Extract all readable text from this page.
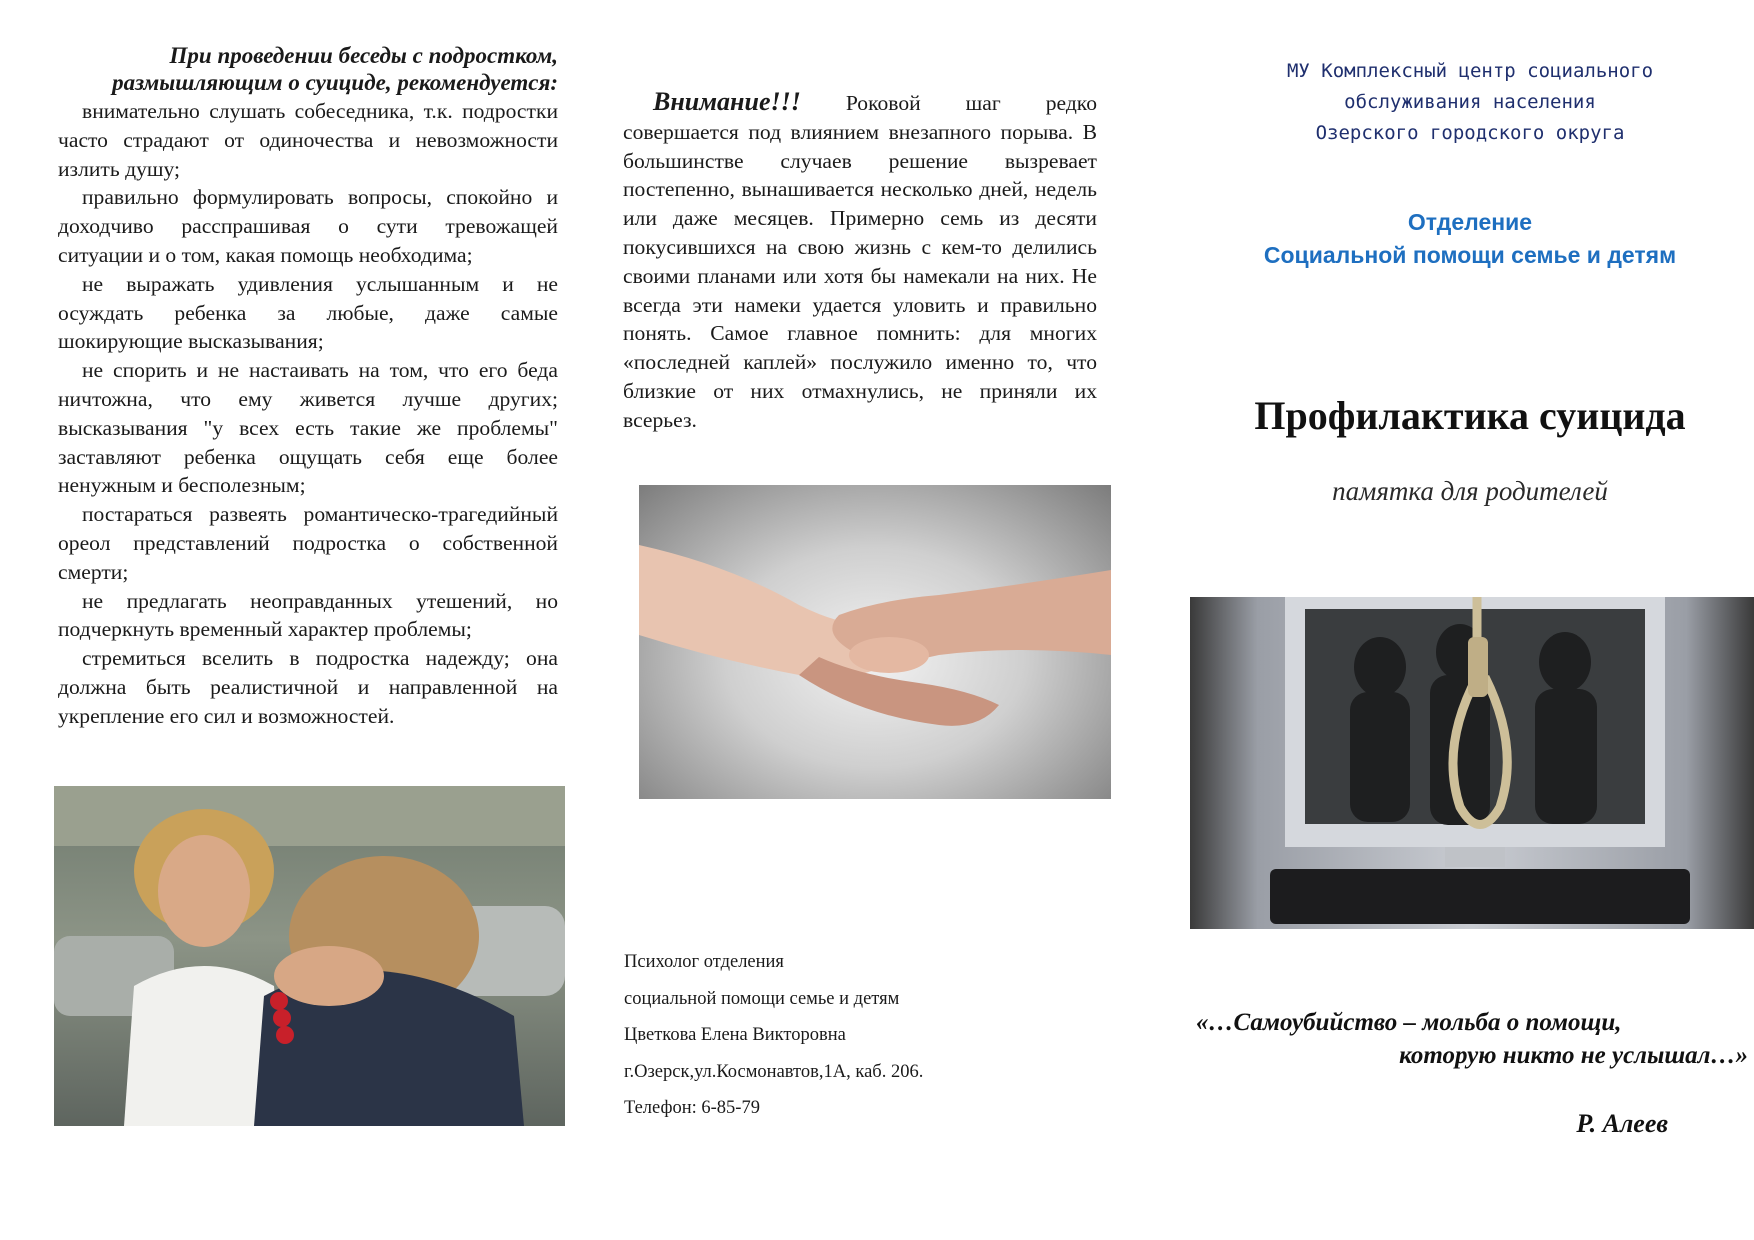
При проведении беседы с подростком,
размышляющим о суициде, рекомендуется:
внимательно слушать собеседника, т.к. подростки часто страдают от одиночества и невозможности излить душу;
правильно формулировать вопросы, спокойно и доходчиво расспрашивая о сути тревожащей ситуации и о том, какая помощь необходима;
не выражать удивления услышанным и не осуждать ребенка за любые, даже самые шокирующие высказывания;
не спорить и не настаивать на том, что его беда ничтожна, что ему живется лучше других; высказывания "у всех есть такие же проблемы" заставляют ребенка ощущать себя еще более ненужным и бесполезным;
постараться развеять романтическо-трагедийный ореол представлений подростка о собственной смерти;
не предлагать неоправданных утешений, но подчеркнуть временный характер проблемы;
стремиться вселить в подростка надежду; она должна быть реалистичной и направленной на укрепление его сил и возможностей.

Внимание!!! Роковой шаг редко совершается под влиянием внезапного порыва. В большинстве случаев решение вызревает постепенно, вынашивается несколько дней, недель или даже месяцев. Примерно семь из десяти покусившихся на свою жизнь с кем-то делились своими планами или хотя бы намекали на них. Не всегда эти намеки удается уловить и правильно понять. Самое главное помнить: для многих «последней каплей» послужило именно то, что близкие от них отмахнулись, не приняли их всерьез.

Психолог отделения
социальной помощи семье и детям
Цветкова Елена Викторовна
г.Озерск,ул.Космонавтов,1А, каб. 206.
Телефон: 6-85-79
МУ Комплексный центр социального
обслуживания населения
Озерского городского округа
Отделение
Социальной помощи семье и детям
Профилактика суицида
памятка для родителей
«…Самоубийство – мольба о помощи,
которую никто не услышал…»
Р. Алеев
